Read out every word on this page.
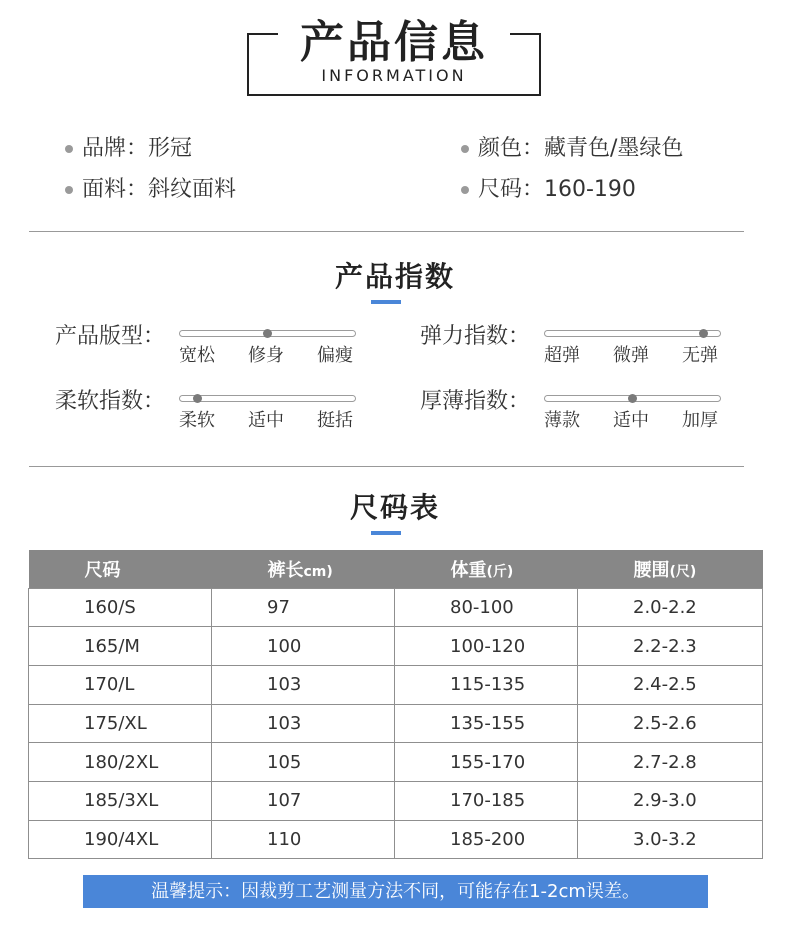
产品信息
INFORMATION
品牌：形冠	颜色：藏青色/墨绿色
面料：斜纹面料	尺码：160-190
产品指数
产品版型：
宽松	修身	偏瘦
弹力指数：
超弹	微弹	无弹
柔软指数：
柔软	适中	挺括
厚薄指数：
薄款	适中	加厚
尺码表
尺码	裤长cm)	体重(斤)	腰围(尺)
160/S	97	80-100	2.0-2.2
165/M	100	100-120	2.2-2.3
170/L	103	115-135	2.4-2.5
175/XL	103	135-155	2.5-2.6
180/2XL	105	155-170	2.7-2.8
185/3XL	107	170-185	2.9-3.0
190/4XL	110	185-200	3.0-3.2
温馨提示：因裁剪工艺测量方法不同，可能存在1-2cm误差。
